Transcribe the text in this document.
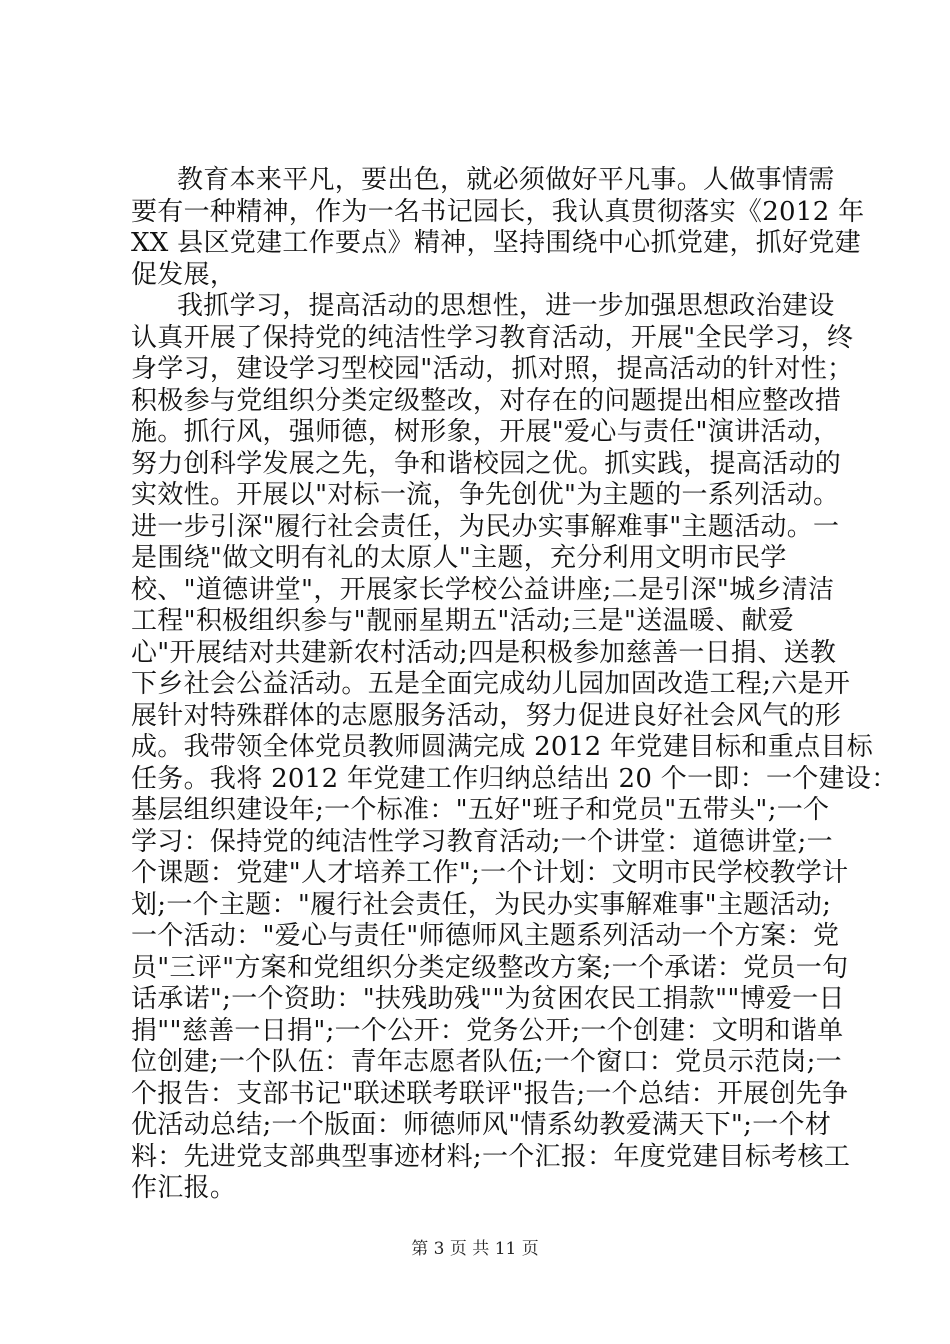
教育本来平凡，要出色，就必须做好平凡事。人做事情需

要有一种精神，作为一名书记园长，我认真贯彻落实《2012 年

XX 县区党建工作要点》精神，坚持围绕中心抓党建，抓好党建

促发展，

我抓学习，提高活动的思想性，进一步加强思想政治建设

认真开展了保持党的纯洁性学习教育活动，开展"全民学习，终

身学习，建设学习型校园"活动，抓对照，提高活动的针对性；

积极参与党组织分类定级整改，对存在的问题提出相应整改措

施。抓行风，强师德，树形象，开展"爱心与责任"演讲活动，

努力创科学发展之先，争和谐校园之优。抓实践，提高活动的

实效性。开展以"对标一流，争先创优"为主题的一系列活动。

进一步引深"履行社会责任，为民办实事解难事"主题活动。一

是围绕"做文明有礼的太原人"主题，充分利用文明市民学

校、"道德讲堂"，开展家长学校公益讲座;二是引深"城乡清洁

工程"积极组织参与"靓丽星期五"活动;三是"送温暖、献爱

心"开展结对共建新农村活动;四是积极参加慈善一日捐、送教

下乡社会公益活动。五是全面完成幼儿园加固改造工程;六是开

展针对特殊群体的志愿服务活动，努力促进良好社会风气的形

成。我带领全体党员教师圆满完成 2012 年党建目标和重点目标

任务。我将 2012 年党建工作归纳总结出 20 个一即：一个建设：

基层组织建设年;一个标准："五好"班子和党员"五带头";一个

学习：保持党的纯洁性学习教育活动;一个讲堂：道德讲堂;一

个课题：党建"人才培养工作";一个计划：文明市民学校教学计

划;一个主题："履行社会责任，为民办实事解难事"主题活动;

一个活动："爱心与责任"师德师风主题系列活动一个方案：党

员"三评"方案和党组织分类定级整改方案;一个承诺：党员一句

话承诺";一个资助："扶残助残""为贫困农民工捐款""博爱一日

捐""慈善一日捐";一个公开：党务公开;一个创建：文明和谐单

位创建;一个队伍：青年志愿者队伍;一个窗口：党员示范岗;一

个报告：支部书记"联述联考联评"报告;一个总结：开展创先争

优活动总结;一个版面：师德师风"情系幼教爱满天下";一个材

料：先进党支部典型事迹材料;一个汇报：年度党建目标考核工

作汇报。

第 3 页 共 11 页
